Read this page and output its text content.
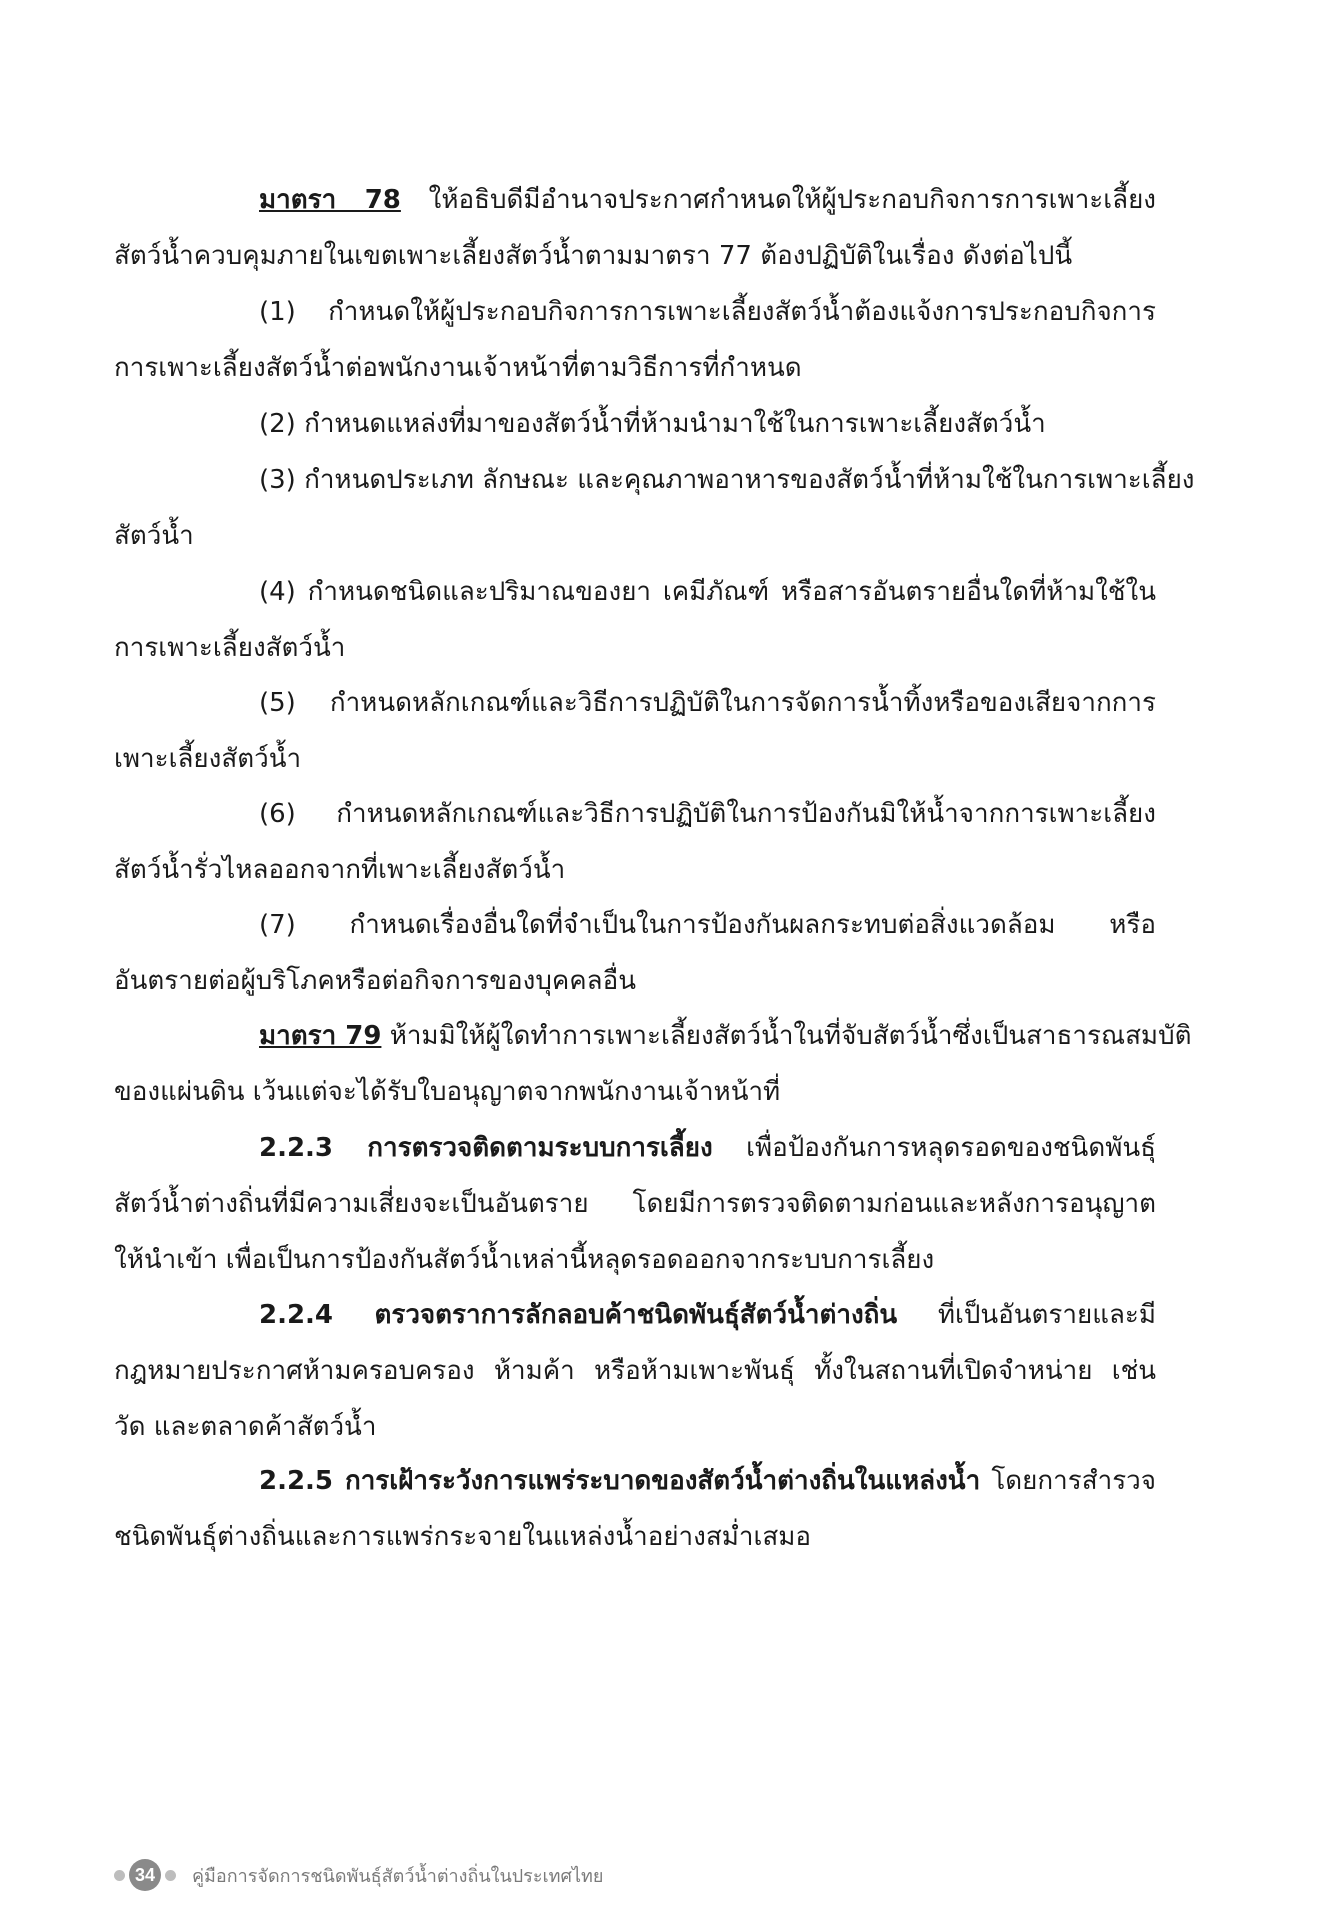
มาตรา 78 ให้อธิบดีมีอำนาจประกาศกำหนดให้ผู้ประกอบกิจการการเพาะเลี้ยง
สัตว์น้ำควบคุมภายในเขตเพาะเลี้ยงสัตว์น้ำตามมาตรา 77 ต้องปฏิบัติในเรื่อง ดังต่อไปนี้
(1) กำหนดให้ผู้ประกอบกิจการการเพาะเลี้ยงสัตว์น้ำต้องแจ้งการประกอบกิจการ
การเพาะเลี้ยงสัตว์น้ำต่อพนักงานเจ้าหน้าที่ตามวิธีการที่กำหนด
(2) กำหนดแหล่งที่มาของสัตว์น้ำที่ห้ามนำมาใช้ในการเพาะเลี้ยงสัตว์น้ำ
(3) กำหนดประเภท ลักษณะ และคุณภาพอาหารของสัตว์น้ำที่ห้ามใช้ในการเพาะเลี้ยง
สัตว์น้ำ
(4) กำหนดชนิดและปริมาณของยา เคมีภัณฑ์ หรือสารอันตรายอื่นใดที่ห้ามใช้ใน
การเพาะเลี้ยงสัตว์น้ำ
(5) กำหนดหลักเกณฑ์และวิธีการปฏิบัติในการจัดการน้ำทิ้งหรือของเสียจากการ
เพาะเลี้ยงสัตว์น้ำ
(6) กำหนดหลักเกณฑ์และวิธีการปฏิบัติในการป้องกันมิให้น้ำจากการเพาะเลี้ยง
สัตว์น้ำรั่วไหลออกจากที่เพาะเลี้ยงสัตว์น้ำ
(7) กำหนดเรื่องอื่นใดที่จำเป็นในการป้องกันผลกระทบต่อสิ่งแวดล้อม หรือ
อันตรายต่อผู้บริโภคหรือต่อกิจการของบุคคลอื่น
มาตรา 79 ห้ามมิให้ผู้ใดทำการเพาะเลี้ยงสัตว์น้ำในที่จับสัตว์น้ำซึ่งเป็นสาธารณสมบัติ
ของแผ่นดิน เว้นแต่จะได้รับใบอนุญาตจากพนักงานเจ้าหน้าที่
2.2.3 การตรวจติดตามระบบการเลี้ยง เพื่อป้องกันการหลุดรอดของชนิดพันธุ์
สัตว์น้ำต่างถิ่นที่มีความเสี่ยงจะเป็นอันตราย โดยมีการตรวจติดตามก่อนและหลังการอนุญาต
ให้นำเข้า เพื่อเป็นการป้องกันสัตว์น้ำเหล่านี้หลุดรอดออกจากระบบการเลี้ยง
2.2.4 ตรวจตราการลักลอบค้าชนิดพันธุ์สัตว์น้ำต่างถิ่น ที่เป็นอันตรายและมี
กฎหมายประกาศห้ามครอบครอง ห้ามค้า หรือห้ามเพาะพันธุ์ ทั้งในสถานที่เปิดจำหน่าย เช่น
วัด และตลาดค้าสัตว์น้ำ
2.2.5 การเฝ้าระวังการแพร่ระบาดของสัตว์น้ำต่างถิ่นในแหล่งน้ำ โดยการสำรวจ
ชนิดพันธุ์ต่างถิ่นและการแพร่กระจายในแหล่งน้ำอย่างสม่ำเสมอ
34	คู่มือการจัดการชนิดพันธุ์สัตว์น้ำต่างถิ่นในประเทศไทย
